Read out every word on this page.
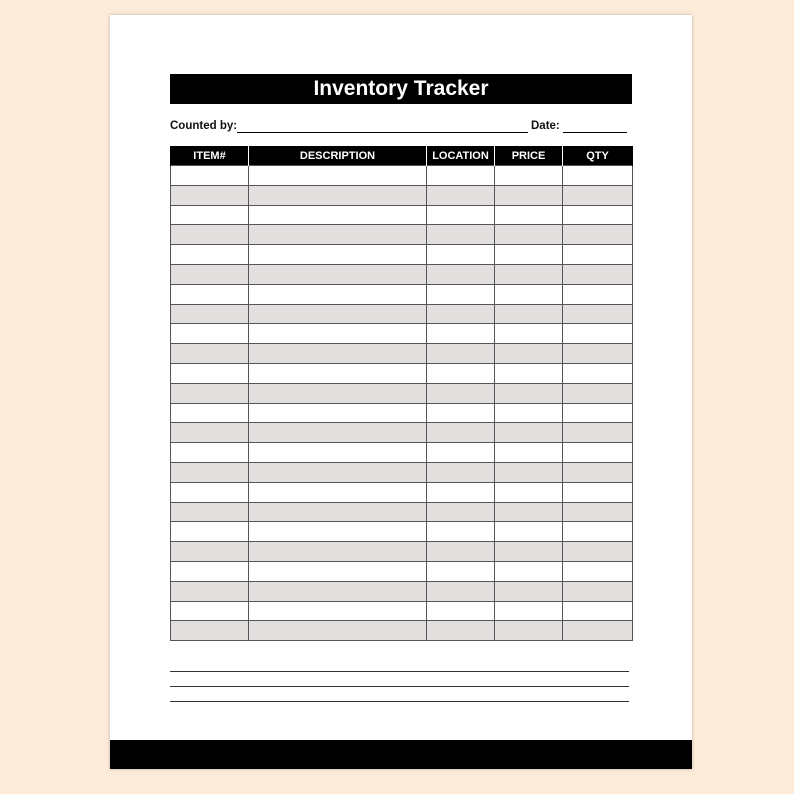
Inventory Tracker
Counted by:	Date:
ITEM#	DESCRIPTION	LOCATION	PRICE	QTY
